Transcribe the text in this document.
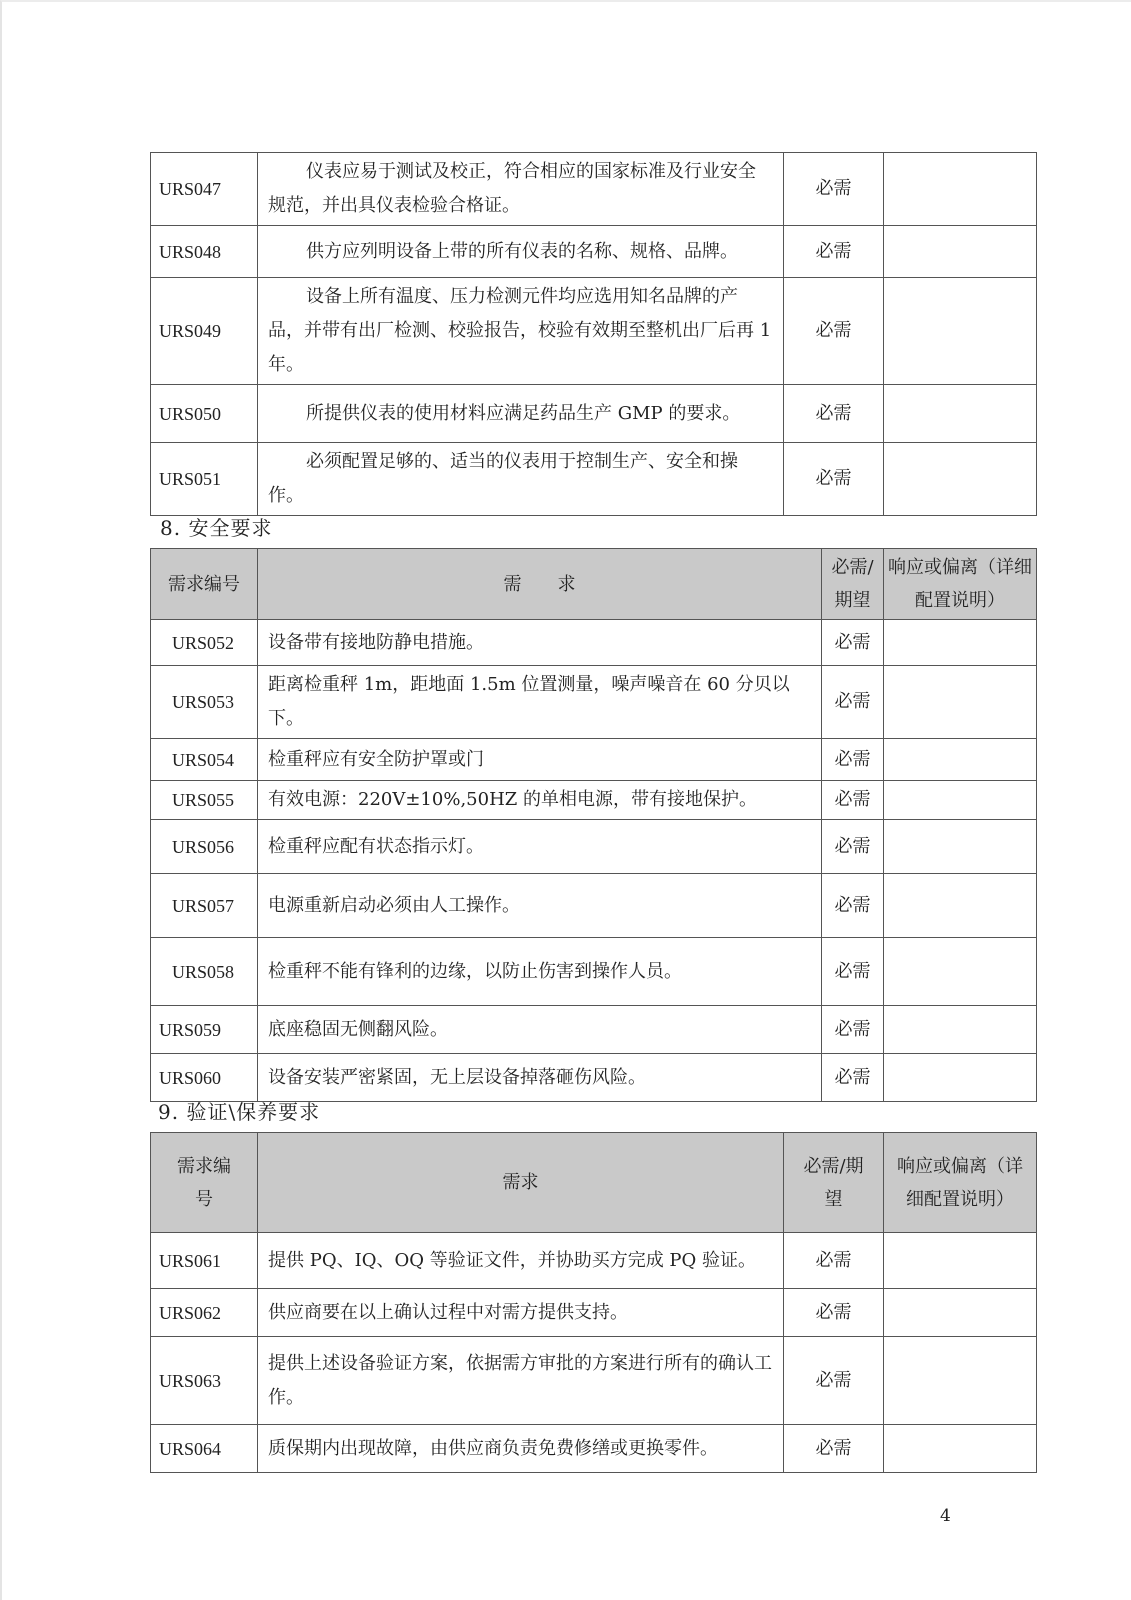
URS047	仪表应易于测试及校正，符合相应的国家标准及行业安全规范，并出具仪表检验合格证。	必需	
URS048	供方应列明设备上带的所有仪表的名称、规格、品牌。	必需	
URS049	设备上所有温度、压力检测元件均应选用知名品牌的产品，并带有出厂检测、校验报告，校验有效期至整机出厂后再 1 年。	必需	
URS050	所提供仪表的使用材料应满足药品生产 GMP 的要求。	必需	
URS051	必须配置足够的、适当的仪表用于控制生产、安全和操作。	必需	
8. 安全要求
需求编号	需　　求	必需/期望	响应或偏离（详细配置说明）
URS052	设备带有接地防静电措施。	必需	
URS053	距离检重秤 1m，距地面 1.5m 位置测量，噪声噪音在 60 分贝以下。	必需	
URS054	检重秤应有安全防护罩或门	必需	
URS055	有效电源：220V±10%,50HZ 的单相电源，带有接地保护。	必需	
URS056	检重秤应配有状态指示灯。	必需	
URS057	电源重新启动必须由人工操作。	必需	
URS058	检重秤不能有锋利的边缘，以防止伤害到操作人员。	必需	
URS059	底座稳固无侧翻风险。	必需	
URS060	设备安装严密紧固，无上层设备掉落砸伤风险。	必需	
9. 验证\保养要求
需求编号	需求	必需/期望	响应或偏离（详细配置说明）
URS061	提供 PQ、IQ、OQ 等验证文件，并协助买方完成 PQ 验证。	必需	
URS062	供应商要在以上确认过程中对需方提供支持。	必需	
URS063	提供上述设备验证方案，依据需方审批的方案进行所有的确认工作。	必需	
URS064	质保期内出现故障，由供应商负责免费修缮或更换零件。	必需	
4
